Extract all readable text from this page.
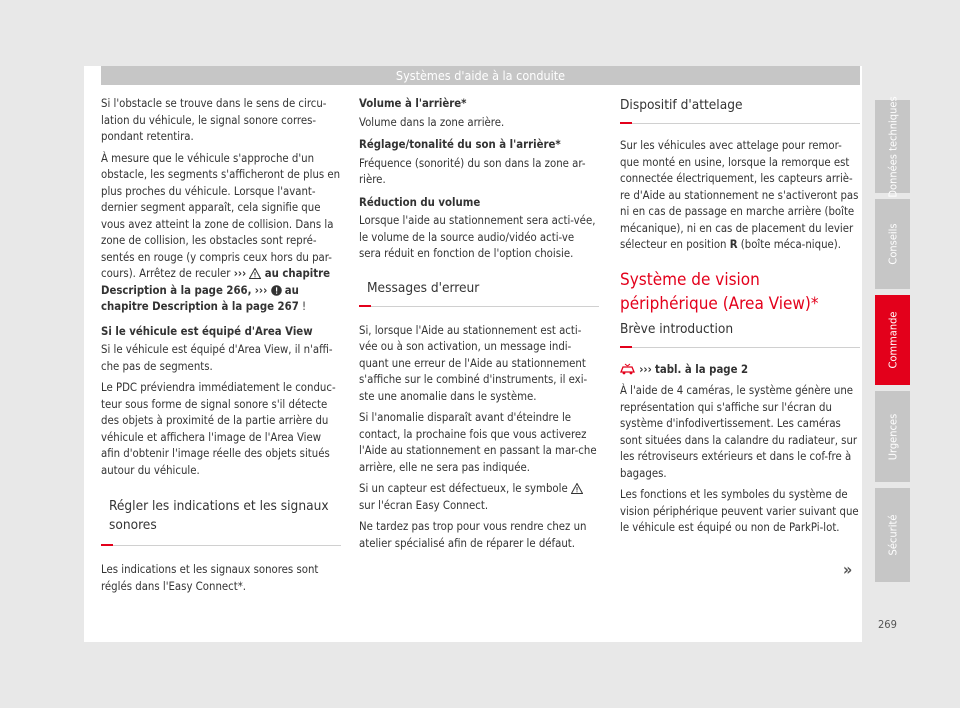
Systèmes d'aide à la conduite

Si l'obstacle se trouve dans le sens de circu-lation du véhicule, le signal sonore corres-pondant retentira.

À mesure que le véhicule s'approche d'un obstacle, les segments s'afficheront de plus en plus proches du véhicule. Lorsque l'avant-dernier segment apparaît, cela signifie que vous avez atteint la zone de collision. Dans la zone de collision, les obstacles sont repré-sentés en rouge (y compris ceux hors du par-cours). Arrêtez de reculer ››› au chapitre Description à la page 266, ››› au chapitre Description à la page 267 !

Si le véhicule est équipé d'Area View

Si le véhicule est équipé d'Area View, il n'affi-che pas de segments.

Le PDC préviendra immédiatement le conduc-teur sous forme de signal sonore s'il détecte des objets à proximité de la partie arrière du véhicule et affichera l'image de l'Area View afin d'obtenir l'image réelle des objets situés autour du véhicule.

Régler les indications et les signaux sonores

Les indications et les signaux sonores sont réglés dans l'Easy Connect*.

Volume à l'arrière*

Volume dans la zone arrière.

Réglage/tonalité du son à l'arrière*

Fréquence (sonorité) du son dans la zone ar-rière.

Réduction du volume

Lorsque l'aide au stationnement sera acti-vée, le volume de la source audio/vidéo acti-ve sera réduit en fonction de l'option choisie.

Messages d'erreur

Si, lorsque l'Aide au stationnement est acti-vée ou à son activation, un message indi-quant une erreur de l'Aide au stationnement s'affiche sur le combiné d'instruments, il exi-ste une anomalie dans le système.

Si l'anomalie disparaît avant d'éteindre le contact, la prochaine fois que vous activerez l'Aide au stationnement en passant la mar-che arrière, elle ne sera pas indiquée.

Si un capteur est défectueux, le symbole  sur l'écran Easy Connect.

Ne tardez pas trop pour vous rendre chez un atelier spécialisé afin de réparer le défaut.

Dispositif d'attelage

Sur les véhicules avec attelage pour remor-que monté en usine, lorsque la remorque est connectée électriquement, les capteurs arriè-re d'Aide au stationnement ne s'activeront pas ni en cas de passage en marche arrière (boîte mécanique), ni en cas de placement du levier sélecteur en position R (boîte méca-nique).

Système de vision périphérique (Area View)*
Brève introduction

››› tabl. à la page 2

À l'aide de 4 caméras, le système génère une représentation qui s'affiche sur l'écran du système d'infodivertissement. Les caméras sont situées dans la calandre du radiateur, sur les rétroviseurs extérieurs et dans le cof-fre à bagages.

Les fonctions et les symboles du système de vision périphérique peuvent varier suivant que le véhicule est équipé ou non de ParkPi-lot.

»
Données techniques
Conseils
Commande
Urgences
Sécurité
269
